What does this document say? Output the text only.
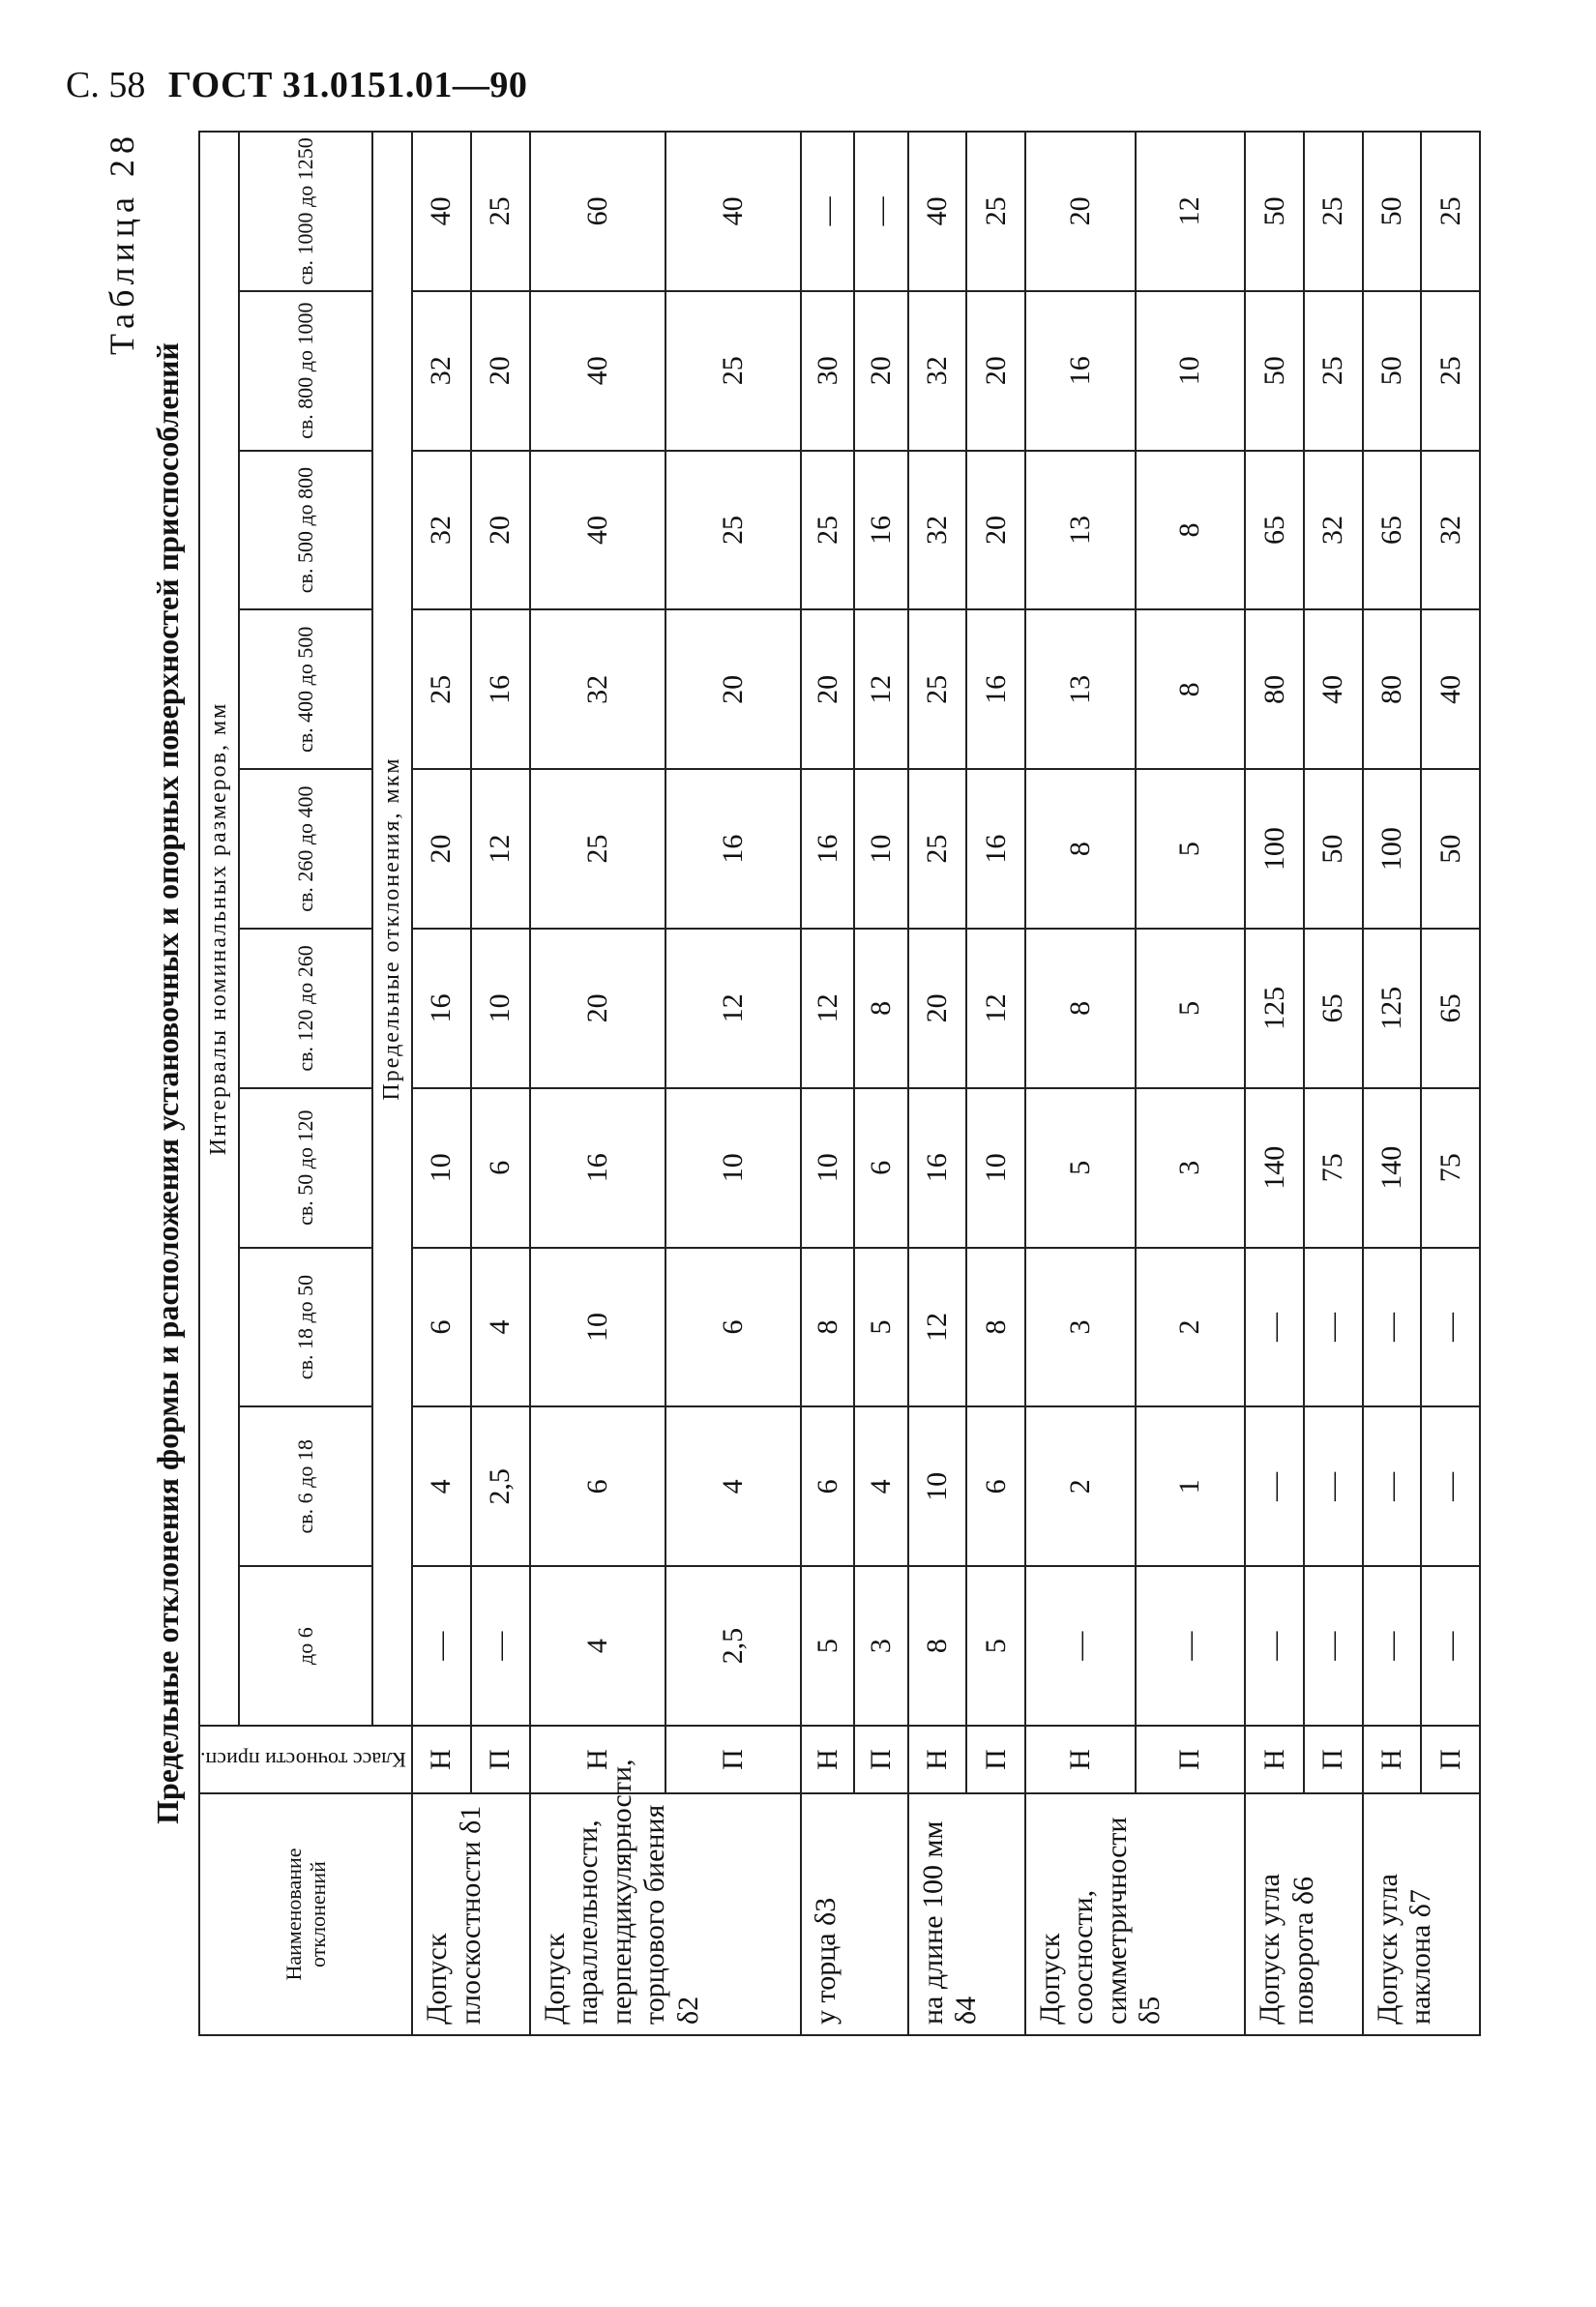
С. 58 ГОСТ 31.0151.01—90
Таблица 28
Предельные отклонения формы и расположения установочных и опорных поверхностей приспособлений
Наименование отклонений	Класс точности присп.	Интервалы номинальных размеров, мм									
		до 6	св. 6 до 18	св. 18 до 50	св. 50 до 120	св. 120 до 260	св. 260 до 400	св. 400 до 500	св. 500 до 800	св. 800 до 1000	св. 1000 до 1250
		Предельные отклонения, мкм									
Допуск плоскостности δ1	Н	—	4	6	10	16	20	25	32	32	40
	П	—	2,5	4	6	10	12	16	20	20	25
Допуск параллельности, перпендикулярности, торцового биения δ2	Н	4	6	10	16	20	25	32	40	40	60
	П	2,5	4	6	10	12	16	20	25	25	40
у торца δ3	Н	5	6	8	10	12	16	20	25	30	—
	П	3	4	5	6	8	10	12	16	20	—
на длине 100 мм δ4	Н	8	10	12	16	20	25	25	32	32	40
	П	5	6	8	10	12	16	16	20	20	25
Допуск соосности, симметричности δ5	Н	—	2	3	5	8	8	13	13	16	20
	П	—	1	2	3	5	5	8	8	10	12
Допуск угла поворота δ6	Н	—	—	—	140	125	100	80	65	50	50
	П	—	—	—	75	65	50	40	32	25	25
Допуск угла наклона δ7	Н	—	—	—	140	125	100	80	65	50	50
	П	—	—	—	75	65	50	40	32	25	25
